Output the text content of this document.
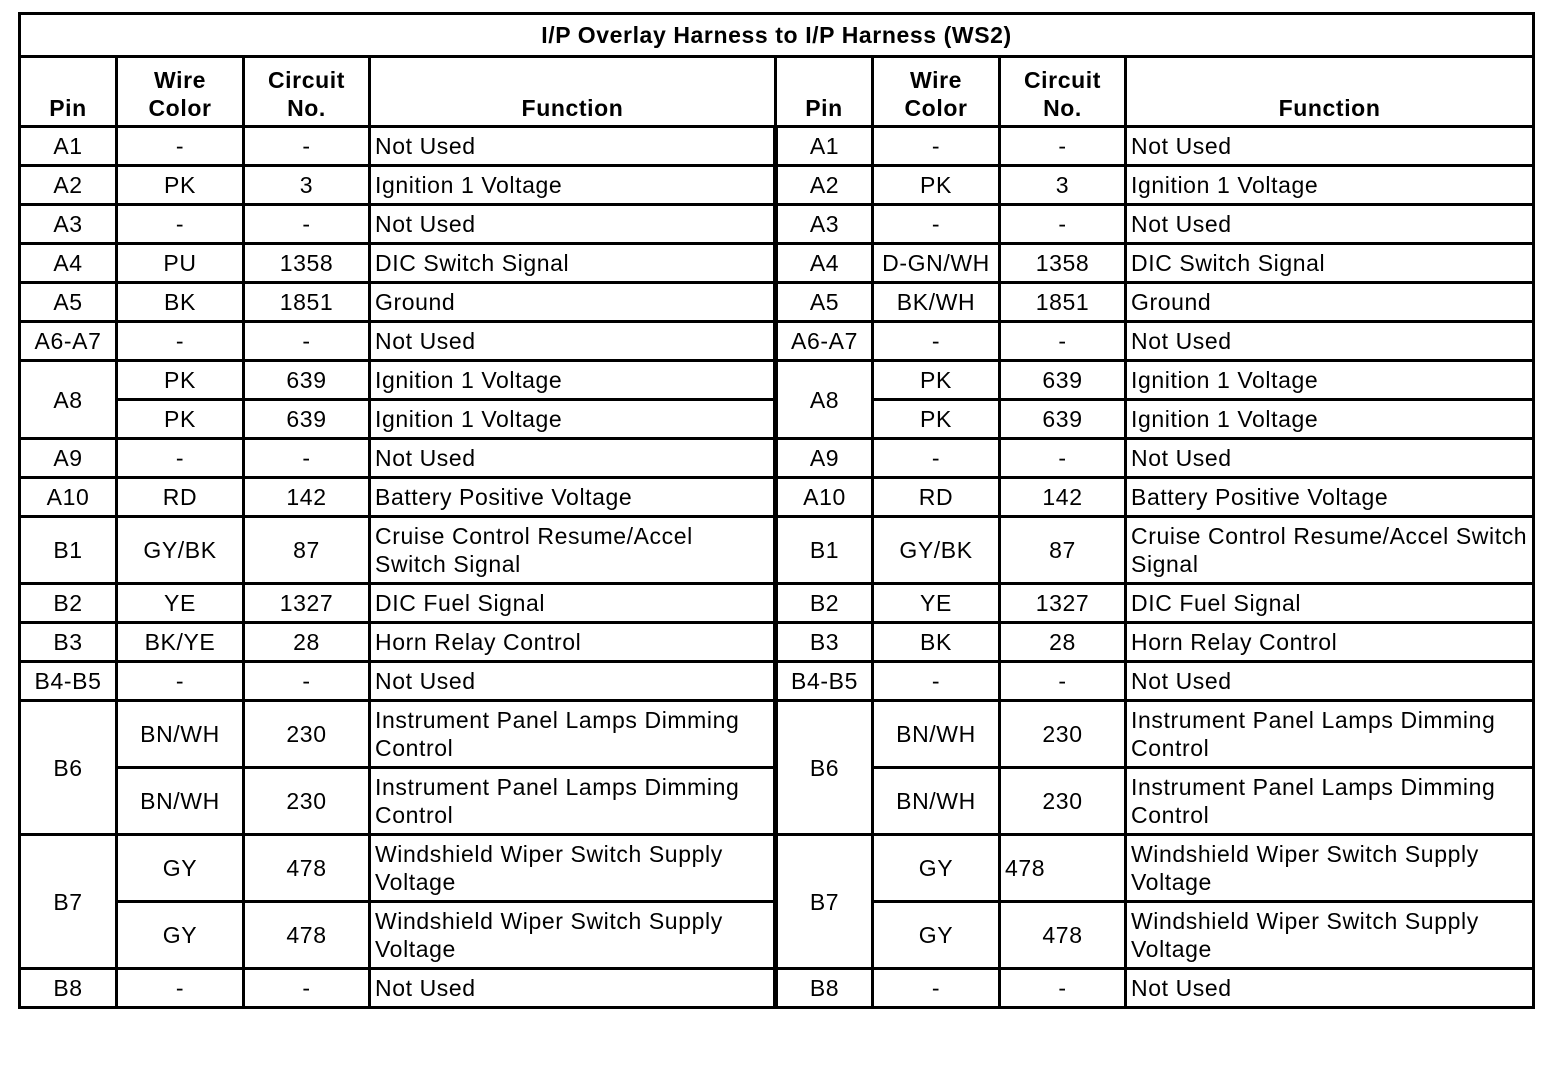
I/P Overlay Harness to I/P Harness (WS2)							
Pin	Wire Color	Circuit No.	Function	Pin	Wire Color	Circuit No.	Function
A1	-	-	Not Used	A1	-	-	Not Used
A2	PK	3	Ignition 1 Voltage	A2	PK	3	Ignition 1 Voltage
A3	-	-	Not Used	A3	-	-	Not Used
A4	PU	1358	DIC Switch Signal	A4	D-GN/WH	1358	DIC Switch Signal
A5	BK	1851	Ground	A5	BK/WH	1851	Ground
A6-A7	-	-	Not Used	A6-A7	-	-	Not Used
A8	PK	639	Ignition 1 Voltage	A8	PK	639	Ignition 1 Voltage
	PK	639	Ignition 1 Voltage		PK	639	Ignition 1 Voltage
A9	-	-	Not Used	A9	-	-	Not Used
A10	RD	142	Battery Positive Voltage	A10	RD	142	Battery Positive Voltage
B1	GY/BK	87	Cruise Control Resume/Accel Switch Signal	B1	GY/BK	87	Cruise Control Resume/Accel Switch Signal
B2	YE	1327	DIC Fuel Signal	B2	YE	1327	DIC Fuel Signal
B3	BK/YE	28	Horn Relay Control	B3	BK	28	Horn Relay Control
B4-B5	-	-	Not Used	B4-B5	-	-	Not Used
B6	BN/WH	230	Instrument Panel Lamps Dimming Control	B6	BN/WH	230	Instrument Panel Lamps Dimming Control
	BN/WH	230	Instrument Panel Lamps Dimming Control		BN/WH	230	Instrument Panel Lamps Dimming Control
B7	GY	478	Windshield Wiper Switch Supply Voltage	B7	GY	478	Windshield Wiper Switch Supply Voltage
	GY	478	Windshield Wiper Switch Supply Voltage		GY	478	Windshield Wiper Switch Supply Voltage
B8	-	-	Not Used	B8	-	-	Not Used
